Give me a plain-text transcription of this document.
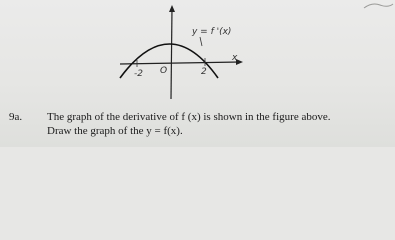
y = f '(x)
x
-2 O	2
9a. The graph of the derivative of f (x) is shown in the figure above.
Draw the graph of the y = f(x).
